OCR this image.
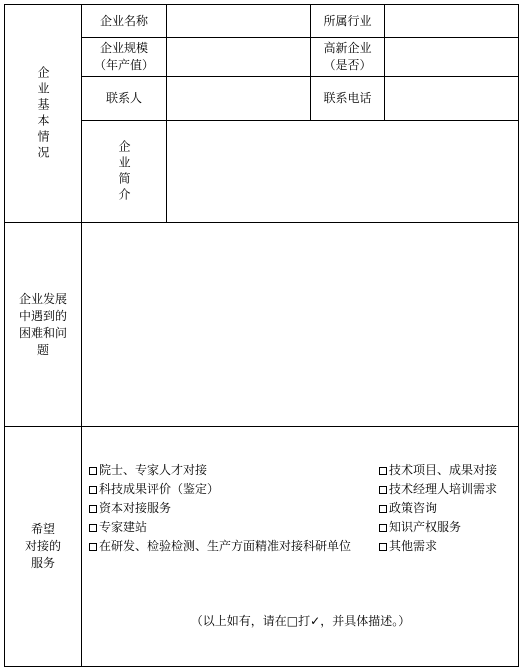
企业基本情况
企业名称	所属行业
企业规模
（年产值）
高新企业
（是否）
联系人	联系电话
企业简介
企业发展
中遇到的
困难和问
题
希望
对接的
服务
院士、专家人才对接
科技成果评价（鉴定）
资本对接服务
专家建站
在研发、检验检测、生产方面精准对接科研单位
技术项目、成果对接
技术经理人培训需求
政策咨询
知识产权服务
其他需求
（以上如有，请在□打✓，并具体描述。）
